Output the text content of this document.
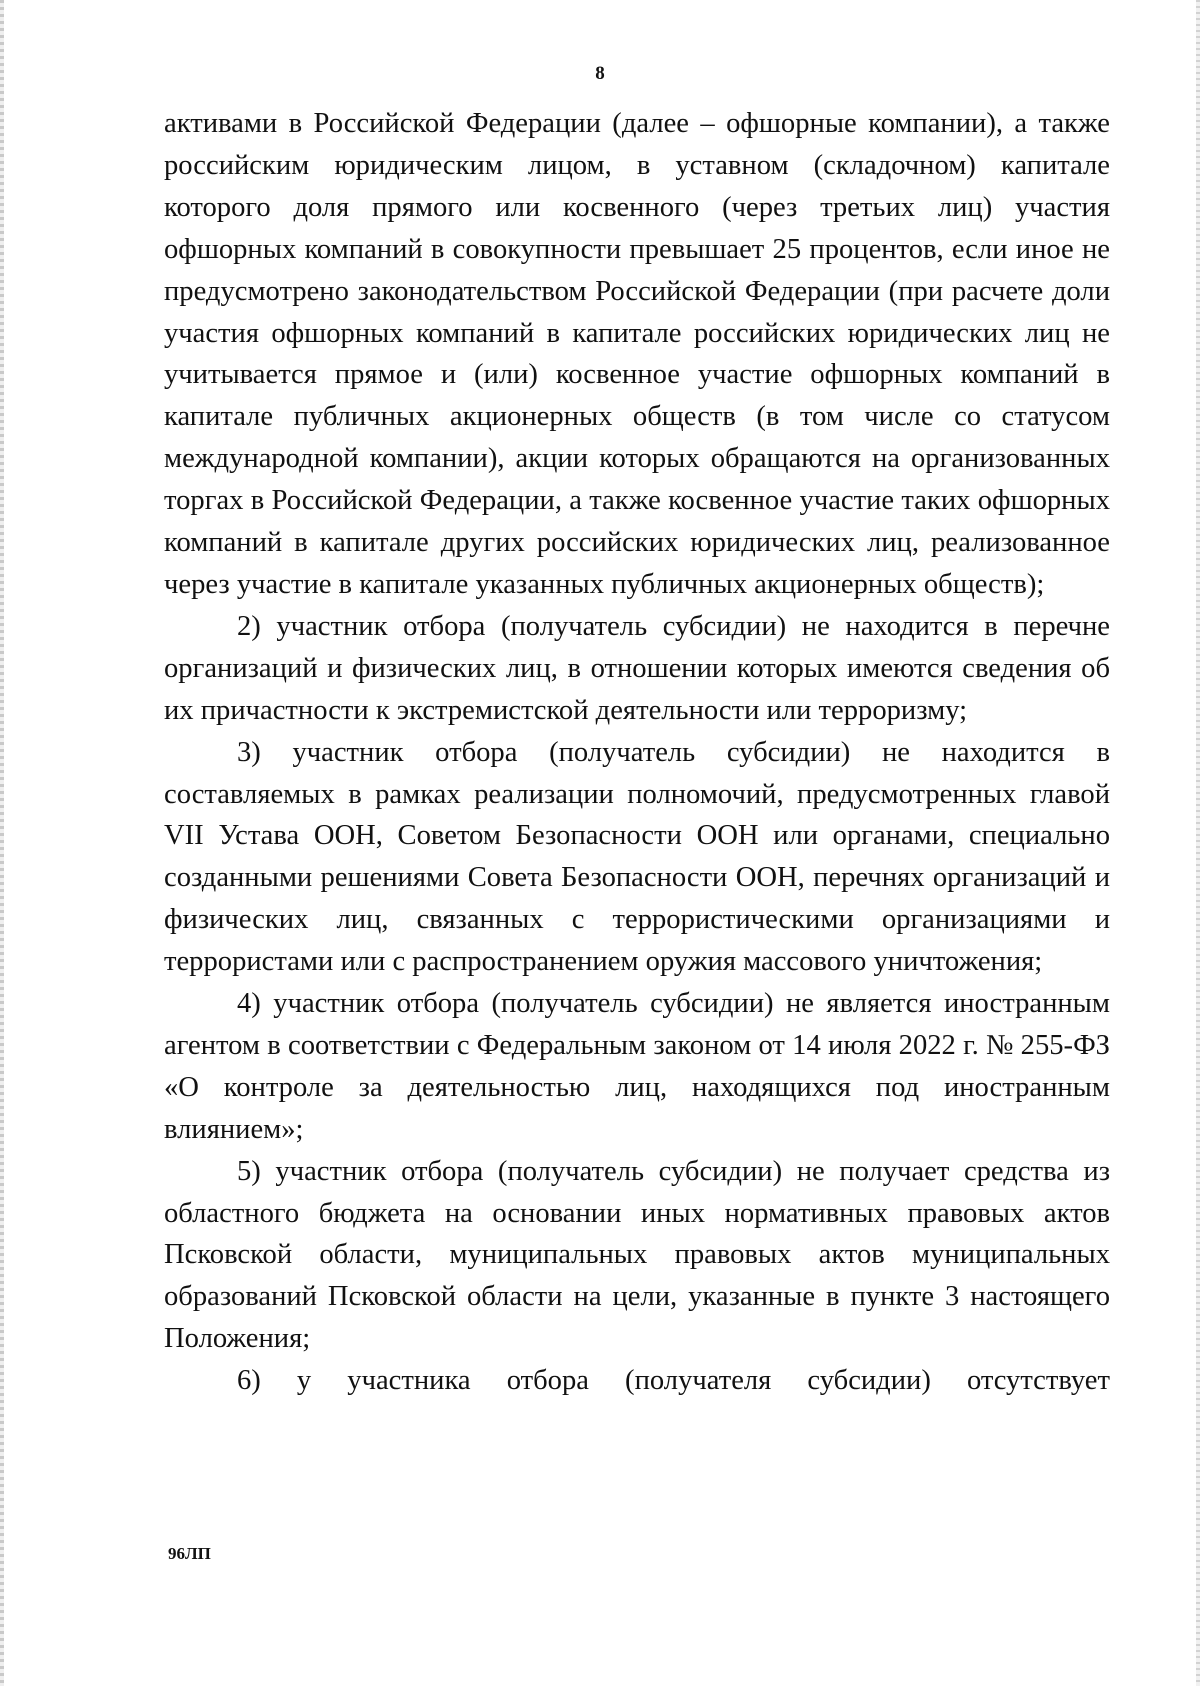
8

активами в Российской Федерации (далее – офшорные компании), а также российским юридическим лицом, в уставном (складочном) капитале которого доля прямого или косвенного (через третьих лиц) участия офшорных компаний в совокупности превышает 25 процентов, если иное не предусмотрено законодательством Российской Федерации (при расчете доли участия офшорных компаний в капитале российских юридических лиц не учитывается прямое и (или) косвенное участие офшорных компаний в капитале публичных акционерных обществ (в том числе со статусом международной компании), акции которых обращаются на организованных торгах в Российской Федерации, а также косвенное участие таких офшорных компаний в капитале других российских юридических лиц, реализованное через участие в капитале указанных публичных акционерных обществ);

2) участник отбора (получатель субсидии) не находится в перечне организаций и физических лиц, в отношении которых имеются сведения об их причастности к экстремистской деятельности или терроризму;

3) участник отбора (получатель субсидии) не находится в составляемых в рамках реализации полномочий, предусмотренных главой VII Устава ООН, Советом Безопасности ООН или органами, специально созданными решениями Совета Безопасности ООН, перечнях организаций и физических лиц, связанных с террористическими организациями и террористами или с распространением оружия массового уничтожения;

4) участник отбора (получатель субсидии) не является иностранным агентом в соответствии с Федеральным законом от 14 июля 2022 г. № 255-ФЗ «О контроле за деятельностью лиц, находящихся под иностранным влиянием»;

5) участник отбора (получатель субсидии) не получает средства из областного бюджета на основании иных нормативных правовых актов Псковской области, муниципальных правовых актов муниципальных образований Псковской области на цели, указанные в пункте 3 настоящего Положения;

6) у участника отбора (получателя субсидии) отсутствует

96ЛП
